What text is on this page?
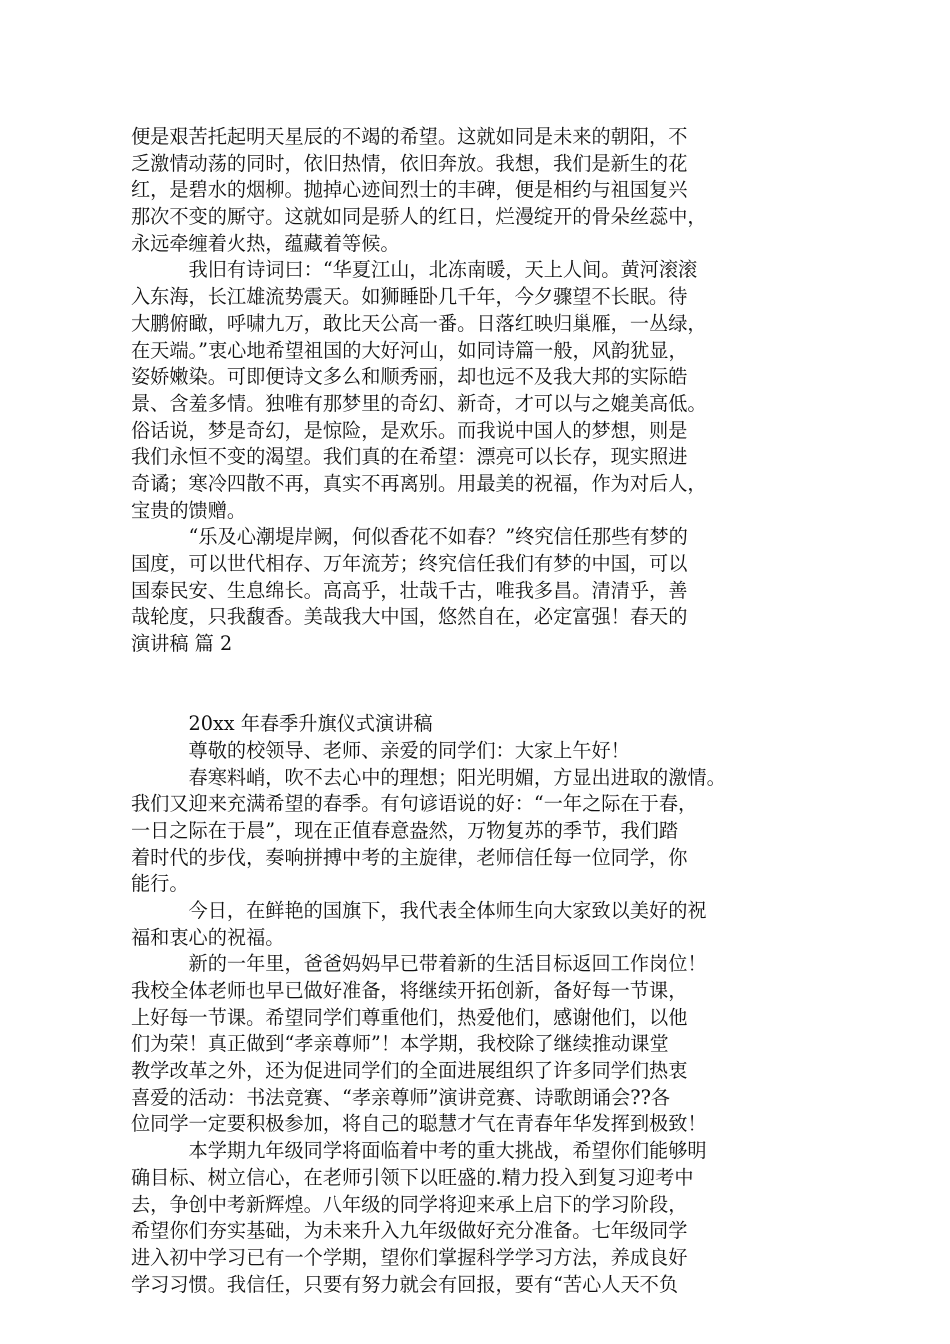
便是艰苦托起明天星辰的不竭的希望。这就如同是未来的朝阳，不
乏激情动荡的同时，依旧热情，依旧奔放。我想，我们是新生的花
红，是碧水的烟柳。抛掉心迹间烈士的丰碑，便是相约与祖国复兴
那次不变的厮守。这就如同是骄人的红日，烂漫绽开的骨朵丝蕊中，
永远牵缠着火热，蕴藏着等候。
　　　我旧有诗词曰：“华夏江山，北冻南暖，天上人间。黄河滚滚
入东海，长江雄流势震天。如狮睡卧几千年，今夕骤望不长眠。待
大鹏俯瞰，呼啸九万，敢比天公高一番。日落红映归巢雁，一丛绿，
在天端。”衷心地希望祖国的大好河山，如同诗篇一般，风韵犹显，
姿娇嫩染。可即便诗文多么和顺秀丽，却也远不及我大邦的实际皓
景、含羞多情。独唯有那梦里的奇幻、新奇，才可以与之媲美高低。
俗话说，梦是奇幻，是惊险，是欢乐。而我说中国人的梦想，则是
我们永恒不变的渴望。我们真的在希望：漂亮可以长存，现实照进
奇谲；寒冷四散不再，真实不再离别。用最美的祝福，作为对后人，
宝贵的馈赠。
　　　“乐及心潮堤岸阙，何似香花不如春？”终究信任那些有梦的
国度，可以世代相存、万年流芳；终究信任我们有梦的中国，可以
国泰民安、生息绵长。高高乎，壮哉千古，唯我多昌。清清乎，善
哉轮度，只我馥香。美哉我大中国，悠然自在，必定富强！春天的
演讲稿 篇 2
　　　20xx 年春季升旗仪式演讲稿
　　　尊敬的校领导、老师、亲爱的同学们：大家上午好！
　　　春寒料峭，吹不去心中的理想；阳光明媚，方显出进取的激情。
我们又迎来充满希望的春季。有句谚语说的好：“一年之际在于春，
一日之际在于晨”，现在正值春意盎然，万物复苏的季节，我们踏
着时代的步伐，奏响拼搏中考的主旋律，老师信任每一位同学，你
能行。
　　　今日，在鲜艳的国旗下，我代表全体师生向大家致以美好的祝
福和衷心的祝福。
　　　新的一年里，爸爸妈妈早已带着新的生活目标返回工作岗位！
我校全体老师也早已做好准备，将继续开拓创新，备好每一节课，
上好每一节课。希望同学们尊重他们，热爱他们，感谢他们，以他
们为荣！真正做到“孝亲尊师”！本学期，我校除了继续推动课堂
教学改革之外，还为促进同学们的全面进展组织了许多同学们热衷
喜爱的活动：书法竞赛、“孝亲尊师”演讲竞赛、诗歌朗诵会??各
位同学一定要积极参加，将自己的聪慧才气在青春年华发挥到极致！
　　　本学期九年级同学将面临着中考的重大挑战，希望你们能够明
确目标、树立信心，在老师引领下以旺盛的.精力投入到复习迎考中
去，争创中考新辉煌。八年级的同学将迎来承上启下的学习阶段，
希望你们夯实基础，为未来升入九年级做好充分准备。七年级同学
进入初中学习已有一个学期，望你们掌握科学学习方法，养成良好
学习习惯。我信任，只要有努力就会有回报，要有“苦心人天不负
